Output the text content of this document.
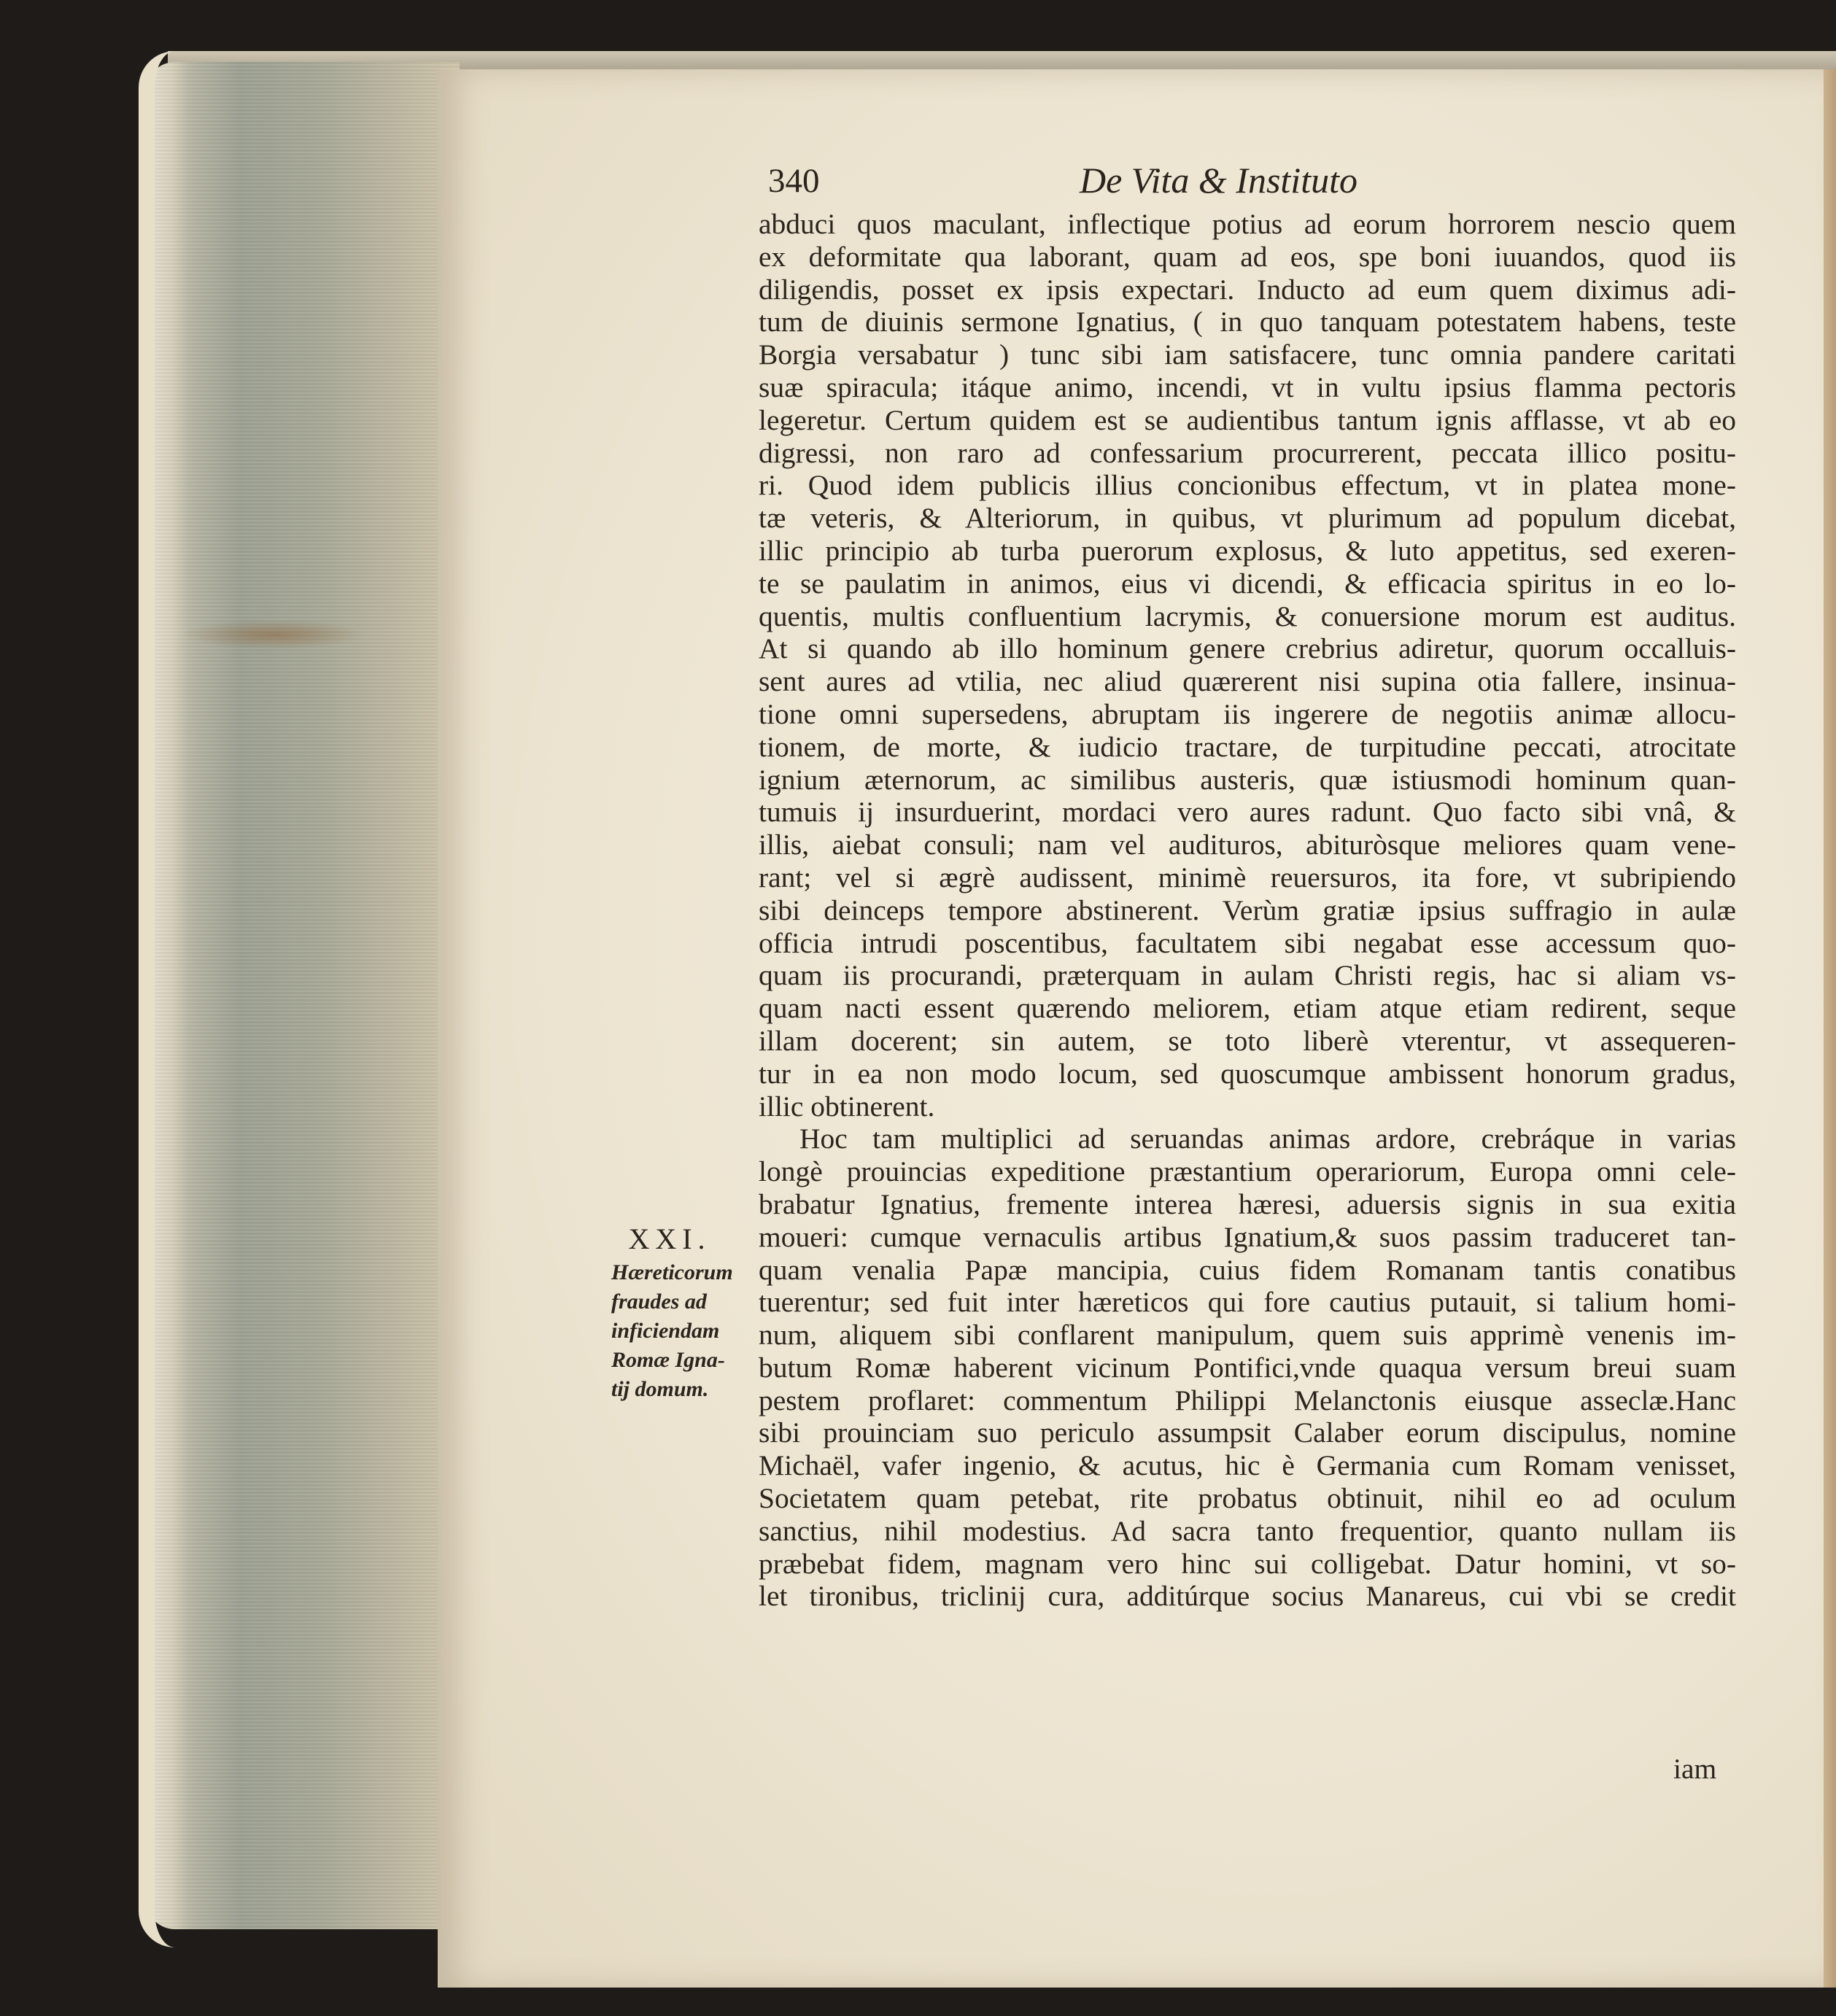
340	De Vita & Instituto
abduci quos maculant, inflectique potius ad eorum horrorem nescio quem
ex deformitate qua laborant, quam ad eos, spe boni iuuandos, quod iis
diligendis, posset ex ipsis expectari. Inducto ad eum quem diximus adi-
tum de diuinis sermone Ignatius, ( in quo tanquam potestatem habens, teste
Borgia versabatur ) tunc sibi iam satisfacere, tunc omnia pandere caritati
suæ spiracula; itáque animo, incendi, vt in vultu ipsius flamma pectoris
legeretur. Certum quidem est se audientibus tantum ignis afflasse, vt ab eo
digressi, non raro ad confessarium procurrerent, peccata illico positu-
ri. Quod idem publicis illius concionibus effectum, vt in platea mone-
tæ veteris, & Alteriorum, in quibus, vt plurimum ad populum dicebat,
illic principio ab turba puerorum explosus, & luto appetitus, sed exeren-
te se paulatim in animos, eius vi dicendi, & efficacia spiritus in eo lo-
quentis, multis confluentium lacrymis, & conuersione morum est auditus.
At si quando ab illo hominum genere crebrius adiretur, quorum occalluis-
sent aures ad vtilia, nec aliud quærerent nisi supina otia fallere, insinua-
tione omni supersedens, abruptam iis ingerere de negotiis animæ allocu-
tionem, de morte, & iudicio tractare, de turpitudine peccati, atrocitate
ignium æternorum, ac similibus austeris, quæ istiusmodi hominum quan-
tumuis ij insurduerint, mordaci vero aures radunt. Quo facto sibi vnâ, &
illis, aiebat consuli; nam vel audituros, abituròsque meliores quam vene-
rant; vel si ægrè audissent, minimè reuersuros, ita fore, vt subripiendo
sibi deinceps tempore abstinerent. Verùm gratiæ ipsius suffragio in aulæ
officia intrudi poscentibus, facultatem sibi negabat esse accessum quo-
quam iis procurandi, præterquam in aulam Christi regis, hac si aliam vs-
quam nacti essent quærendo meliorem, etiam atque etiam redirent, seque
illam docerent; sin autem, se toto liberè vterentur, vt assequeren-
tur in ea non modo locum, sed quoscumque ambissent honorum gradus,
illic obtinerent.
Hoc tam multiplici ad seruandas animas ardore, crebráque in varias
longè prouincias expeditione præstantium operariorum, Europa omni cele-
brabatur Ignatius, fremente interea hæresi, aduersis signis in sua exitia
moueri: cumque vernaculis artibus Ignatium,& suos passim traduceret tan-
quam venalia Papæ mancipia, cuius fidem Romanam tantis conatibus
tuerentur; sed fuit inter hæreticos qui fore cautius putauit, si talium homi-
num, aliquem sibi conflarent manipulum, quem suis apprimè venenis im-
butum Romæ haberent vicinum Pontifici,vnde quaqua versum breui suam
pestem proflaret: commentum Philippi Melanctonis eiusque asseclæ.Hanc
sibi prouinciam suo periculo assumpsit Calaber eorum discipulus, nomine
Michaël, vafer ingenio, & acutus, hic è Germania cum Romam venisset,
Societatem quam petebat, rite probatus obtinuit, nihil eo ad oculum
sanctius, nihil modestius. Ad sacra tanto frequentior, quanto nullam iis
præbebat fidem, magnam vero hinc sui colligebat. Datur homini, vt so-
let tironibus, triclinij cura, additúrque socius Manareus, cui vbi se credit
XXI.
Hæreticorum
fraudes ad
inficiendam
Romæ Igna-
tij domum.
iam
